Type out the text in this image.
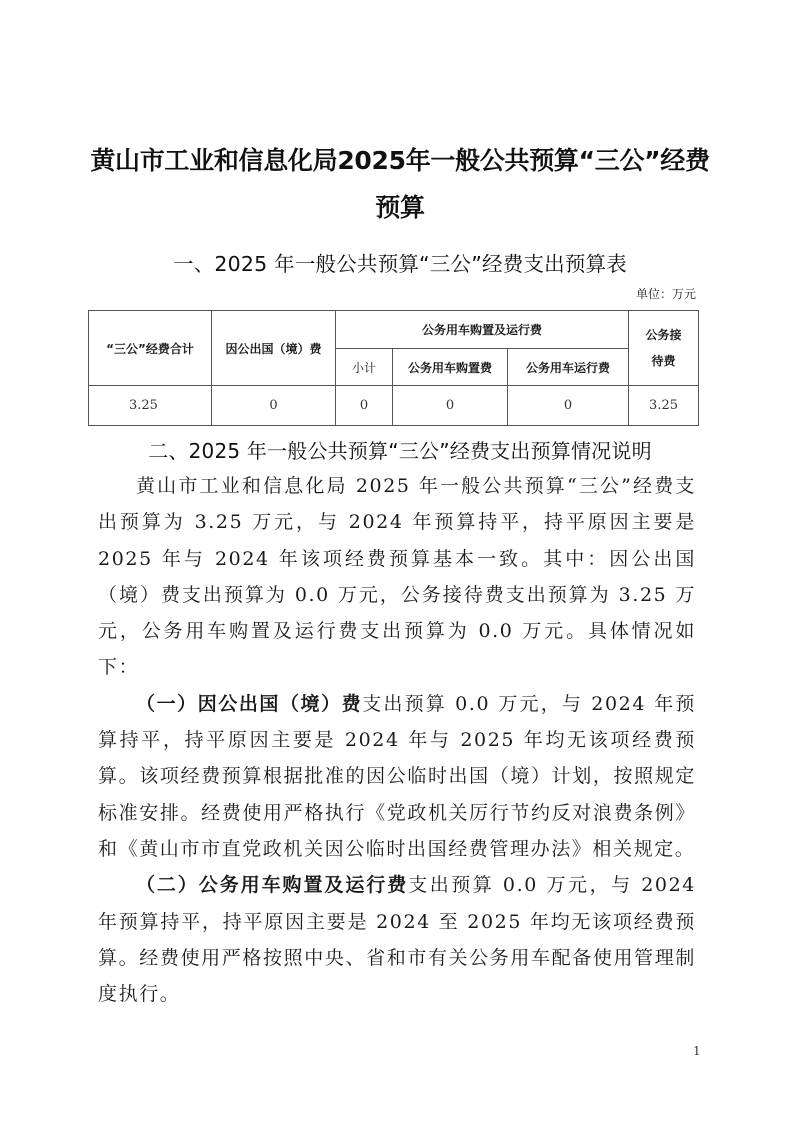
黄山市工业和信息化局2025年一般公共预算“三公”经费预算
一、2025 年一般公共预算“三公”经费支出预算表
单位：万元
“三公”经费合计	因公出国（境）费	公务用车购置及运行费			公务接待费
		小计	公务用车购置费	公务用车运行费	
3.25	0	0	0	0	3.25
二、2025 年一般公共预算“三公”经费支出预算情况说明

黄山市工业和信息化局 2025 年一般公共预算“三公”经费支出预算为 3.25 万元，与 2024 年预算持平，持平原因主要是 2025 年与 2024 年该项经费预算基本一致。其中：因公出国（境）费支出预算为 0.0 万元，公务接待费支出预算为 3.25 万元，公务用车购置及运行费支出预算为 0.0 万元。具体情况如下：

（一）因公出国（境）费支出预算 0.0 万元，与 2024 年预算持平，持平原因主要是 2024 年与 2025 年均无该项经费预算。该项经费预算根据批准的因公临时出国（境）计划，按照规定标准安排。经费使用严格执行《党政机关厉行节约反对浪费条例》和《黄山市市直党政机关因公临时出国经费管理办法》相关规定。

（二）公务用车购置及运行费支出预算 0.0 万元，与 2024 年预算持平，持平原因主要是 2024 至 2025 年均无该项经费预算。经费使用严格按照中央、省和市有关公务用车配备使用管理制度执行。

1
